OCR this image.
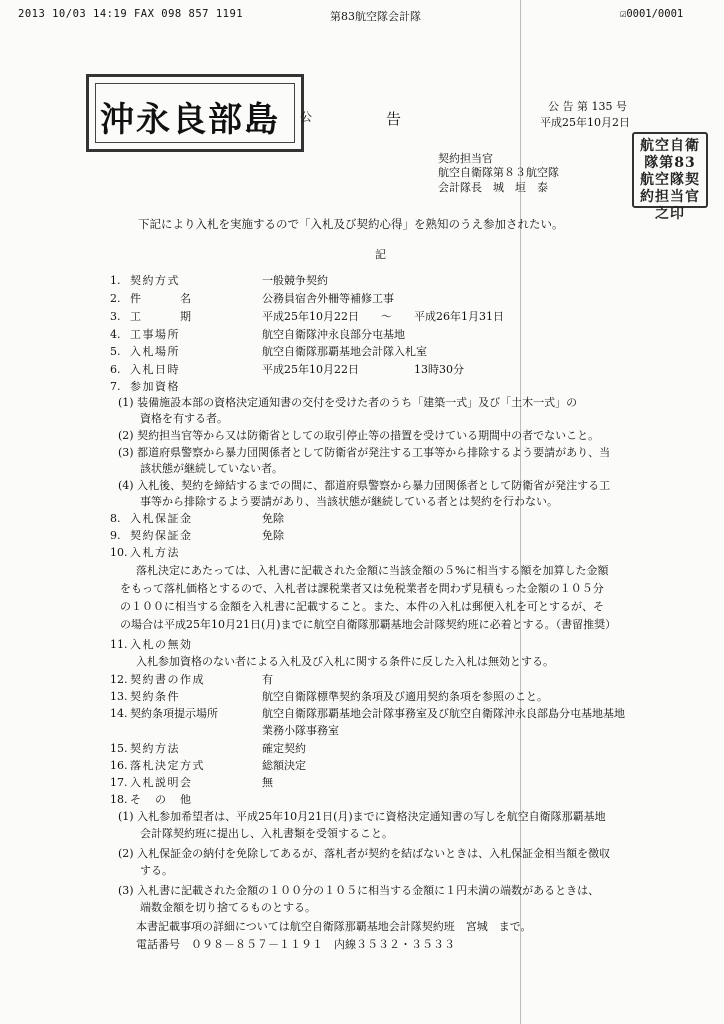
2013 10/03 14:19 FAX 098 857 1191	第83航空隊会計隊	☑0001/0001
沖永良部島 公	告
公 告 第 135 号
平成25年10月2日
契約担当官
航空自衛隊第８３航空隊
会計隊長　城　垣　泰
航空自衛隊第83航空隊契約担当官之印
下記により入札を実施するので「入札及び契約心得」を熟知のうえ参加されたい。
記
1. 契約方式	一般競争契約
2. 件　　　名	公務員宿舎外柵等補修工事
3. 工　　　期	平成25年10月22日　　～　　平成26年1月31日
4. 工事場所	航空自衛隊沖永良部分屯基地
5. 入札場所	航空自衛隊那覇基地会計隊入札室
6. 入札日時	平成25年10月22日　　　　　13時30分
7. 参加資格
(1) 装備施設本部の資格決定通知書の交付を受けた者のうち「建築一式」及び「土木一式」の
　　資格を有する者。
(2) 契約担当官等から又は防衛省としての取引停止等の措置を受けている期間中の者でないこと。
(3) 都道府県警察から暴力団関係者として防衛省が発注する工事等から排除するよう要請があり、当
　　該状態が継続していない者。
(4) 入札後、契約を締結するまでの間に、都道府県警察から暴力団関係者として防衛省が発注する工
　　事等から排除するよう要請があり、当該状態が継続している者とは契約を行わない。
8. 入札保証金	免除
9. 契約保証金	免除
10. 入札方法
落札決定にあたっては、入札書に記載された金額に当該金額の５%に相当する額を加算した金額
をもって落札価格とするので、入札者は課税業者又は免税業者を問わず見積もった金額の１０５分
の１００に相当する金額を入札書に記載すること。また、本件の入札は郵便入札を可とするが、そ
の場合は平成25年10月21日(月)までに航空自衛隊那覇基地会計隊契約班に必着とする。（書留推奨）
11. 入札の無効
入札参加資格のない者による入札及び入札に関する条件に反した入札は無効とする。
12. 契約書の作成	有
13. 契約条件	航空自衛隊標準契約条項及び適用契約条項を参照のこと。
14. 契約条項提示場所	航空自衛隊那覇基地会計隊事務室及び航空自衛隊沖永良部島分屯基地基地
業務小隊事務室
15. 契約方法	確定契約
16. 落札決定方式	総額決定
17. 入札説明会	無
18. そ　の　他
(1) 入札参加希望者は、平成25年10月21日(月)までに資格決定通知書の写しを航空自衛隊那覇基地
　　会計隊契約班に提出し、入札書類を受領すること。
(2) 入札保証金の納付を免除してあるが、落札者が契約を結ばないときは、入札保証金相当額を徴収
　　する。
(3) 入札書に記載された金額の１００分の１０５に相当する金額に１円未満の端数があるときは、
　　端数金額を切り捨てるものとする。
本書記載事項の詳細については航空自衛隊那覇基地会計隊契約班　宮城　まで。
電話番号　０９８－８５７－１１９１　内線３５３２・３５３３
